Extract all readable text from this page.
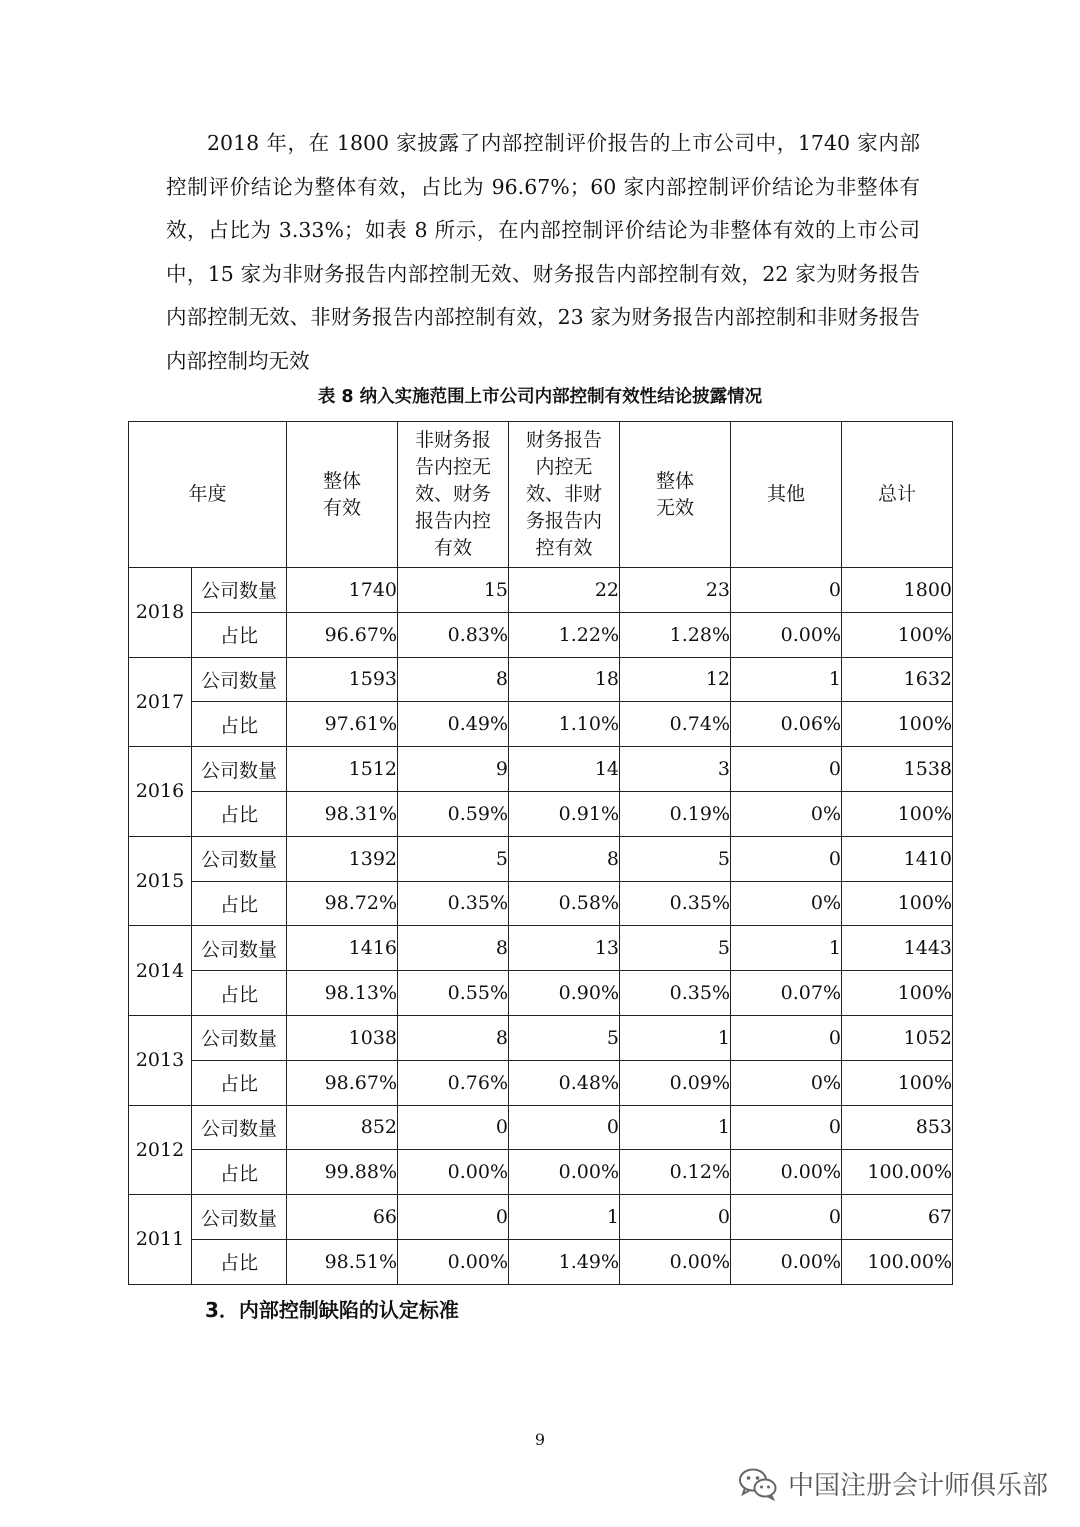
2018 年，在 1800 家披露了内部控制评价报告的上市公司中，1740 家内部控制评价结论为整体有效，占比为 96.67%；60 家内部控制评价结论为非整体有效，占比为 3.33%；如表 8 所示，在内部控制评价结论为非整体有效的上市公司中，15 家为非财务报告内部控制无效、财务报告内部控制有效，22 家为财务报告内部控制无效、非财务报告内部控制有效，23 家为财务报告内部控制和非财务报告内部控制均无效

表 8 纳入实施范围上市公司内部控制有效性结论披露情况
年度		整体有效	非财务报告内控无效、财务报告内控有效	财务报告内控无效、非财务报告内控有效	整体无效	其他	总计
2018	公司数量	1740	15	22	23	0	1800
	占比	96.67%	0.83%	1.22%	1.28%	0.00%	100%
2017	公司数量	1593	8	18	12	1	1632
	占比	97.61%	0.49%	1.10%	0.74%	0.06%	100%
2016	公司数量	1512	9	14	3	0	1538
	占比	98.31%	0.59%	0.91%	0.19%	0%	100%
2015	公司数量	1392	5	8	5	0	1410
	占比	98.72%	0.35%	0.58%	0.35%	0%	100%
2014	公司数量	1416	8	13	5	1	1443
	占比	98.13%	0.55%	0.90%	0.35%	0.07%	100%
2013	公司数量	1038	8	5	1	0	1052
	占比	98.67%	0.76%	0.48%	0.09%	0%	100%
2012	公司数量	852	0	0	1	0	853
	占比	99.88%	0.00%	0.00%	0.12%	0.00%	100.00%
2011	公司数量	66	0	1	0	0	67
	占比	98.51%	0.00%	1.49%	0.00%	0.00%	100.00%
3．内部控制缺陷的认定标准
9
中国注册会计师俱乐部
